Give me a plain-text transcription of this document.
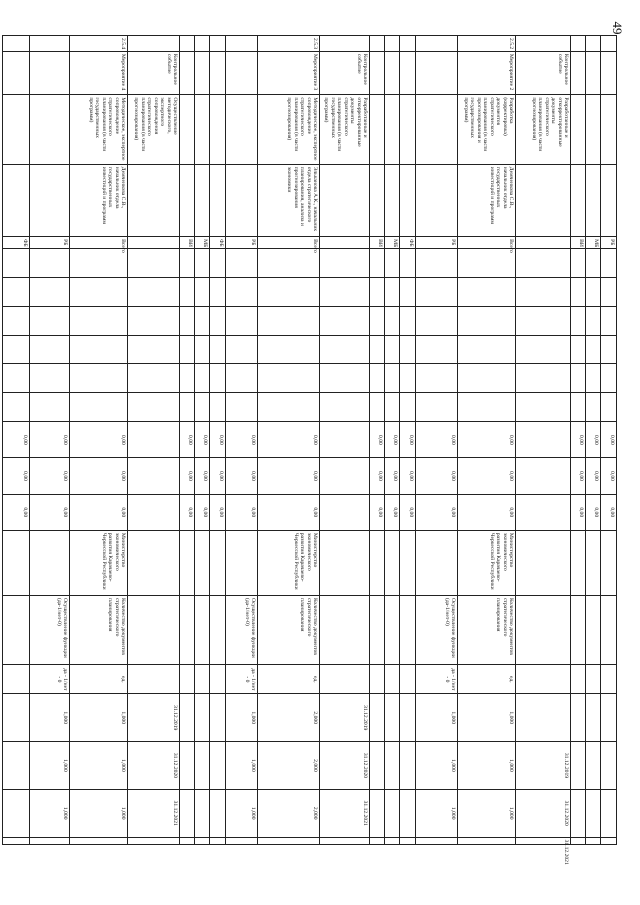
49
				РБ							0,00	0,00	0,00							
				МБ							0,00	0,00	0,00							
				ВИ							0,00	0,00	0,00							
	Контрольное событие	Разработанные и откорректированные документы стратегического планирования (в части прогнозирования)																31.12.2019	31.12.2020	31.12.2021
2.5.2	Мероприятие 2	Разработка (корректировка) документов стратегического планирования (в части прогнозирования и государственных программ)	Демченкова С.В., начальник отдела государственных инвестиций и программ	Всего							0,00	0,00	0,00	Министерство экономического развития Карачаево-Черкесской Республики	Количество документов стратегического планирования	ед.	1,000	1,000	1,000	
				РБ							0,00	0,00	0,00		Осуществление функции (да-1/нет-0)	да - 1/нет - 0	1,000	1,000	1,000	
				ФБ							0,00	0,00	0,00							
				МБ							0,00	0,00	0,00							
				ВИ							0,00	0,00	0,00							
	Контрольное событие	Разработанные и откорректированные документы стратегического планирования (в части государственных программ)															31.12.2019	31.12.2020	31.12.2021	
2.5.3	Мероприятие 3	Методическое, экспертное сопровождение стратегического планирования (в части прогнозирования)	Эльканова А.К., начальник отдела стратегического планирования, анализа и прогнозирования экономики	Всего							0,00	0,00	0,00	Министерство экономического развития Карачаево-Черкесской Республики	Количество документов стратегического планирования	ед.	2,000	2,000	2,000	
				РБ							0,00	0,00	0,00		Осуществление функции (да-1/нет-0)	да - 1/нет - 0	1,000	1,000	1,000	
				ФБ							0,00	0,00	0,00							
				МБ							0,00	0,00	0,00							
				ВИ							0,00	0,00	0,00							
	Контрольное событие	Осуществление методического, экспертного сопровождения стратегического планирования (в части прогнозирования)															31.12.2019	31.12.2020	31.12.2021	
2.5.4	Мероприятие 4	Методическое, экспертное сопровождение стратегического планирования (в части государственных программ)	Демченкова С.В., начальник отдела государственных инвестиций и программ	Всего							0,00	0,00	0,00	Министерство экономического развития Карачаево-Черкесской Республики	Количество документов стратегического планирования	ед.	1,000	1,000	1,000	
				РБ							0,00	0,00	0,00		Осуществление функции (да-1/нет-0)	да - 1/нет - 0	1,000	1,000	1,000	
				ФБ							0,00	0,00	0,00							
